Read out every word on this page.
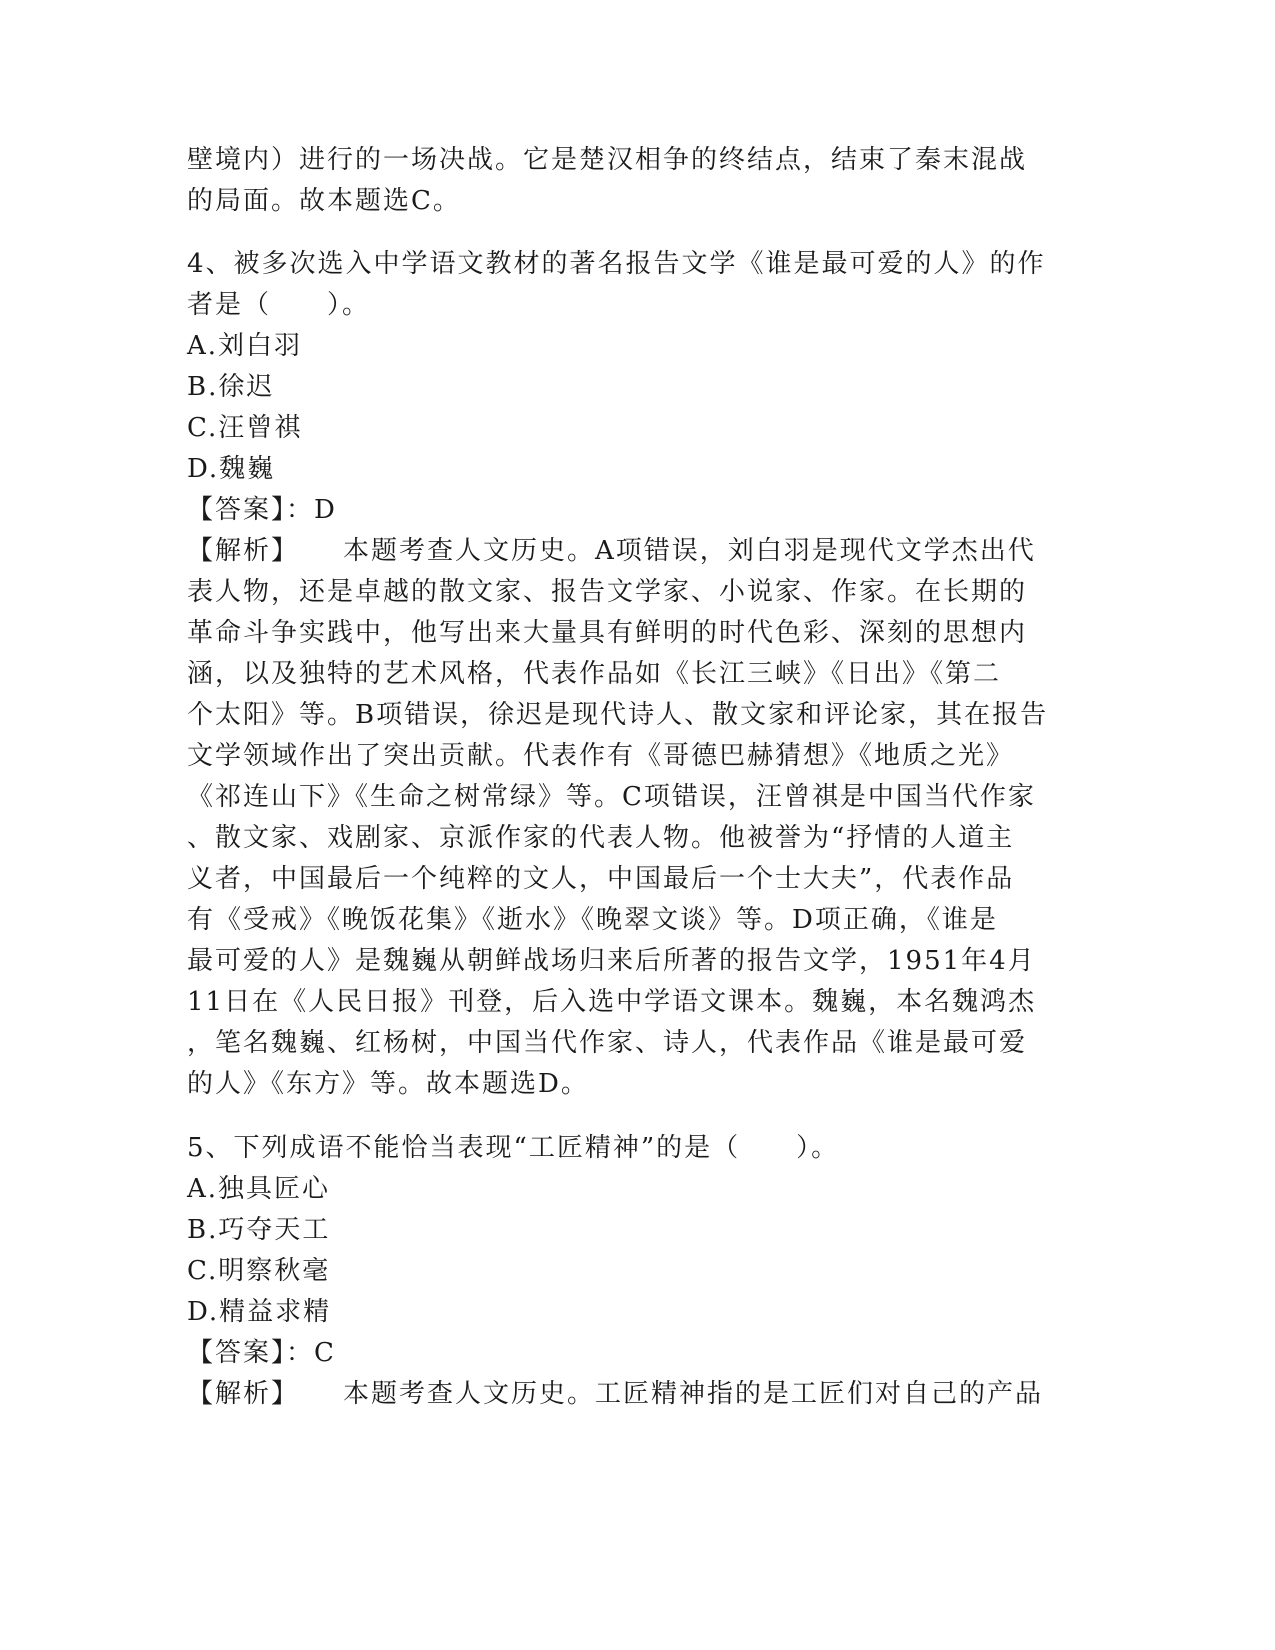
壁境内）进行的一场决战。它是楚汉相争的终结点，结束了秦末混战
的局面。故本题选C。
4、被多次选入中学语文教材的著名报告文学《谁是最可爱的人》的作
者是（　　）。
A.刘白羽
B.徐迟
C.汪曾祺
D.魏巍
【答案】：D
【解析】 本题考查人文历史。A项错误，刘白羽是现代文学杰出代
表人物，还是卓越的散文家、报告文学家、小说家、作家。在长期的
革命斗争实践中，他写出来大量具有鲜明的时代色彩、深刻的思想内
涵，以及独特的艺术风格，代表作品如《长江三峡》《日出》《第二
个太阳》等。B项错误，徐迟是现代诗人、散文家和评论家，其在报告
文学领域作出了突出贡献。代表作有《哥德巴赫猜想》《地质之光》
《祁连山下》《生命之树常绿》等。C项错误，汪曾祺是中国当代作家
、散文家、戏剧家、京派作家的代表人物。他被誉为“抒情的人道主
义者，中国最后一个纯粹的文人，中国最后一个士大夫”，代表作品
有《受戒》《晚饭花集》《逝水》《晚翠文谈》等。D项正确，《谁是
最可爱的人》是魏巍从朝鲜战场归来后所著的报告文学，1951年4月
11日在《人民日报》刊登，后入选中学语文课本。魏巍，本名魏鸿杰
，笔名魏巍、红杨树，中国当代作家、诗人，代表作品《谁是最可爱
的人》《东方》等。故本题选D。
5、下列成语不能恰当表现“工匠精神”的是（　　）。
A.独具匠心
B.巧夺天工
C.明察秋毫
D.精益求精
【答案】：C
【解析】 本题考查人文历史。工匠精神指的是工匠们对自己的产品
